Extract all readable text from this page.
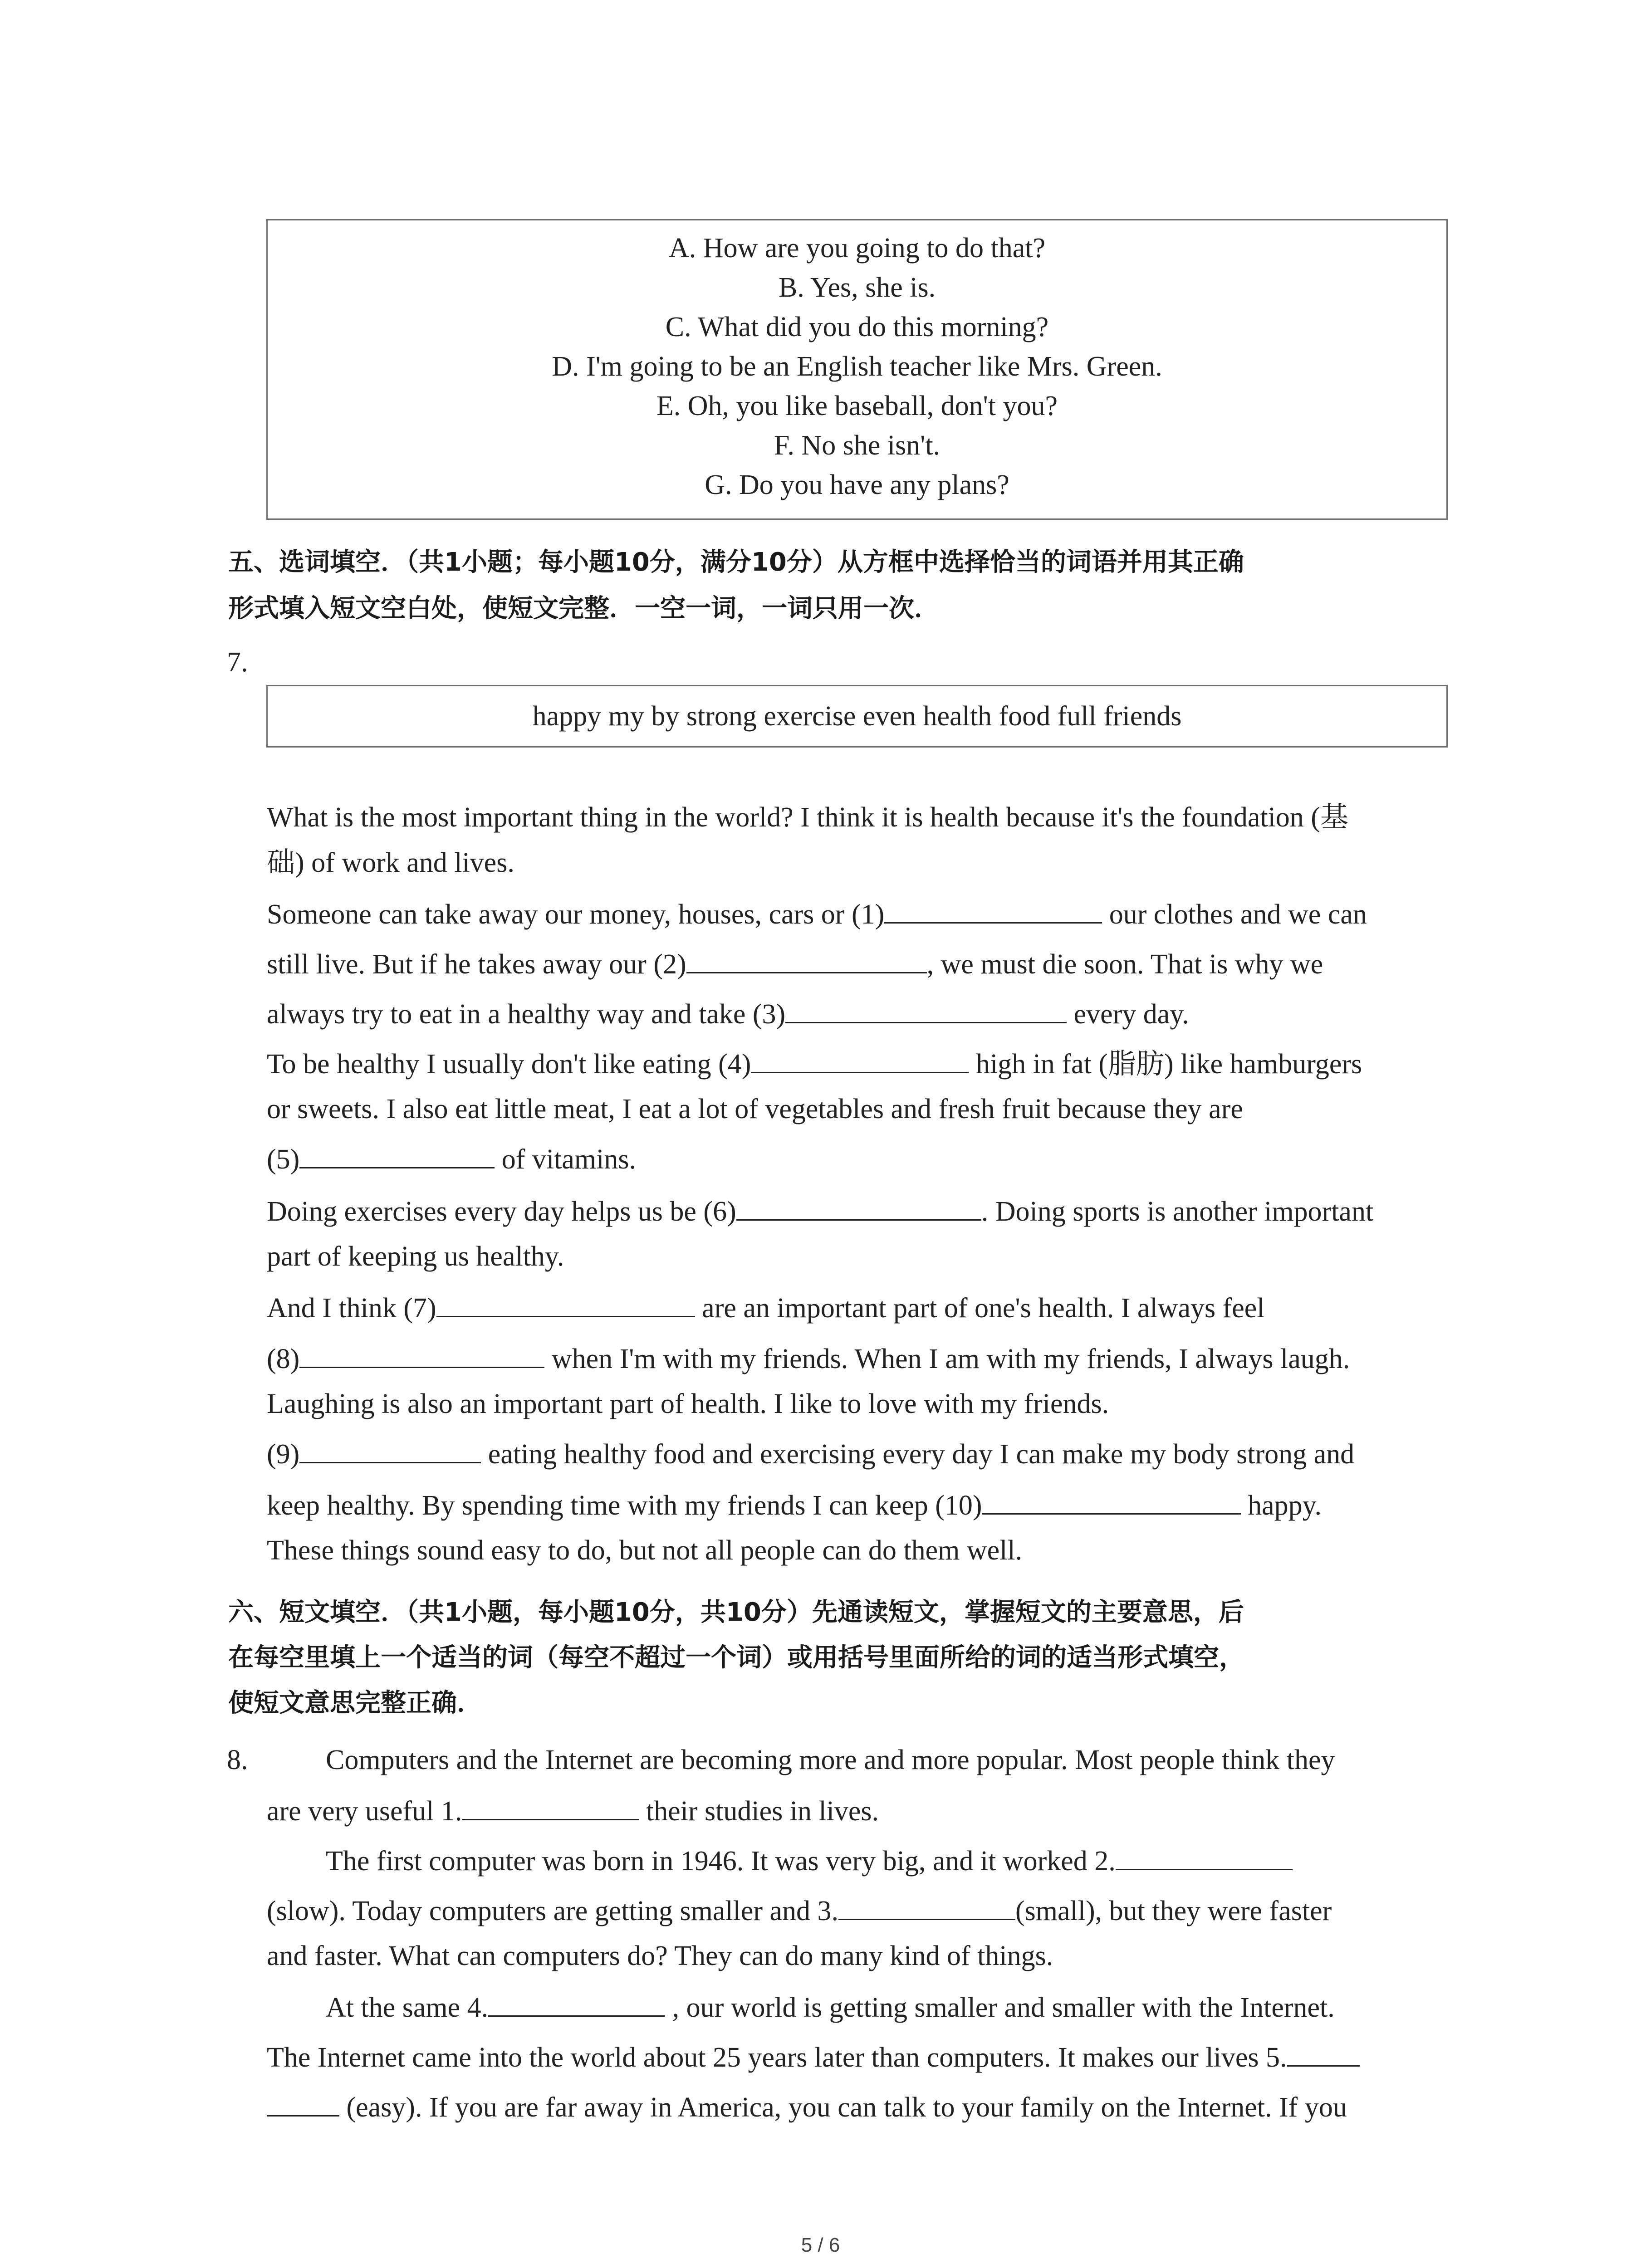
A. How are you going to do that?
B. Yes, she is.
C. What did you do this morning?
D. I'm going to be an English teacher like Mrs. Green.
E. Oh, you like baseball, don't you?
F. No she isn't.
G. Do you have any plans?
五、选词填空．（共1小题；每小题10分，满分10分）从方框中选择恰当的词语并用其正确
形式填入短文空白处，使短文完整．一空一词，一词只用一次．
7.
happy my by strong exercise even health food full friends
What is the most important thing in the world? I think it is health because it's the foundation (基
础) of work and lives.
Someone can take away our money, houses, cars or (1)	our clothes and we can
still live. But if he takes away our (2)	, we must die soon. That is why we
always try to eat in a healthy way and take (3)	every day.
To be healthy I usually don't like eating (4)	high in fat (脂肪) like hamburgers
or sweets. I also eat little meat, I eat a lot of vegetables and fresh fruit because they are
(5)	of vitamins.
Doing exercises every day helps us be (6)	. Doing sports is another important
part of keeping us healthy.
And I think (7)	are an important part of one's health. I always feel
(8)	when I'm with my friends. When I am with my friends, I always laugh.
Laughing is also an important part of health. I like to love with my friends.
(9)	eating healthy food and exercising every day I can make my body strong and
keep healthy. By spending time with my friends I can keep (10)	happy.
These things sound easy to do, but not all people can do them well.
六、短文填空．（共1小题，每小题10分，共10分）先通读短文，掌握短文的主要意思，后
在每空里填上一个适当的词（每空不超过一个词）或用括号里面所给的词的适当形式填空，
使短文意思完整正确．
8.	Computers and the Internet are becoming more and more popular. Most people think they
are very useful 1.	their studies in lives.
The first computer was born in 1946. It was very big, and it worked 2.
(slow). Today computers are getting smaller and 3.	(small), but they were faster
and faster. What can computers do? They can do many kind of things.
At the same 4.	, our world is getting smaller and smaller with the Internet.
The Internet came into the world about 25 years later than computers. It makes our lives 5.
(easy). If you are far away in America, you can talk to your family on the Internet. If you
5 / 6
